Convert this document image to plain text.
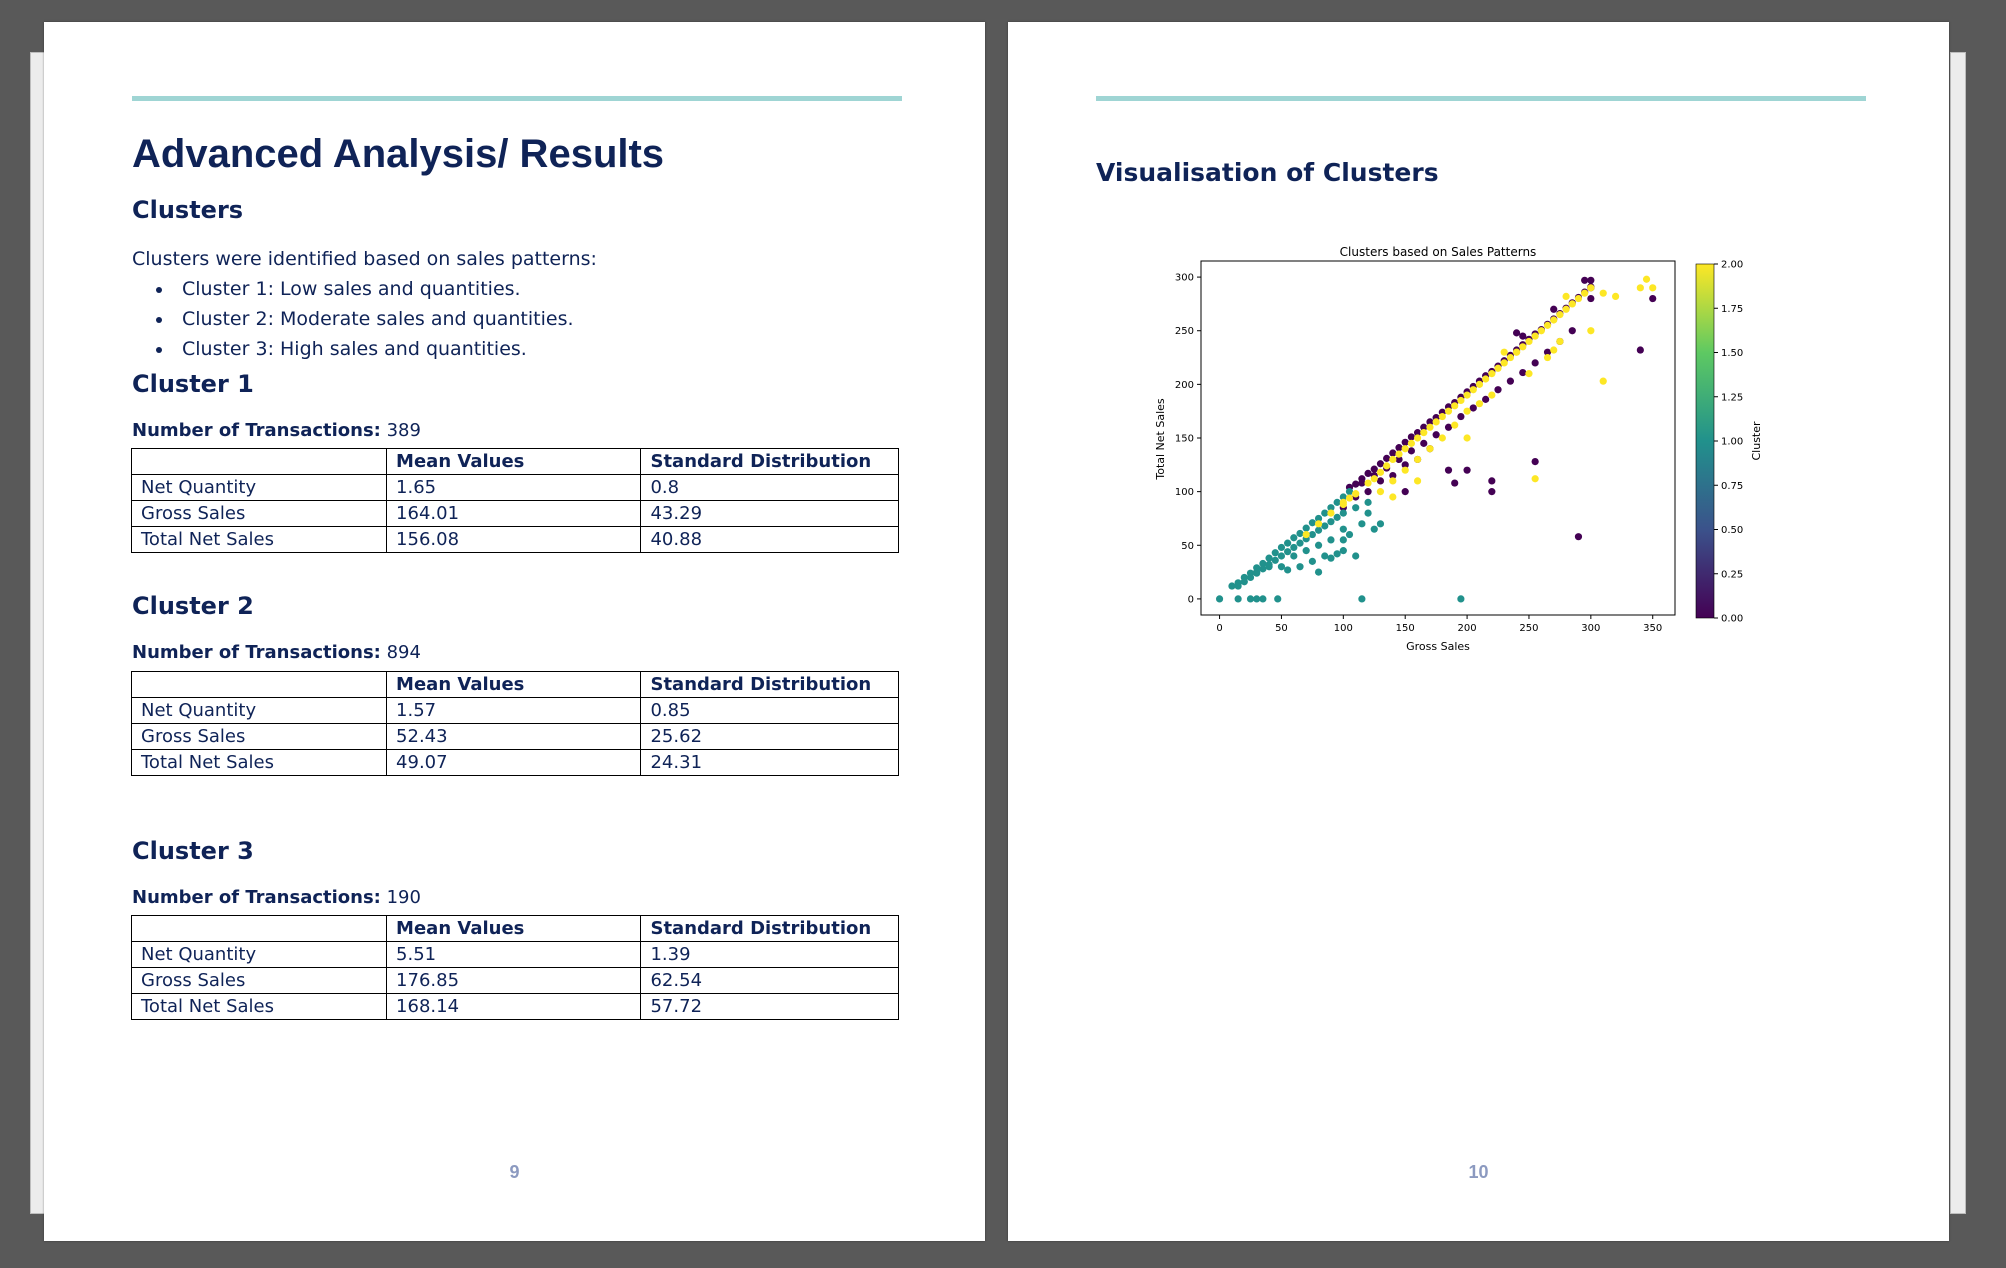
Advanced Analysis/ Results
Clusters
Clusters were identified based on sales patterns:
Cluster 1: Low sales and quantities.
Cluster 2: Moderate sales and quantities.
Cluster 3: High sales and quantities.
Cluster 1
Number of Transactions: 389
	Mean Values	Standard Distribution
Net Quantity	1.65	0.8
Gross Sales	164.01	43.29
Total Net Sales	156.08	40.88
Cluster 2
Number of Transactions: 894
	Mean Values	Standard Distribution
Net Quantity	1.57	0.85
Gross Sales	52.43	25.62
Total Net Sales	49.07	24.31
Cluster 3
Number of Transactions: 190
	Mean Values	Standard Distribution
Net Quantity	5.51	1.39
Gross Sales	176.85	62.54
Total Net Sales	168.14	57.72
9
Visualisation of Clusters
Clusters based on Sales Patterns
0	50	100	150	200	250	300	350
0
50
100
150
200
250
300
Gross Sales
Total Net Sales
0.00
0.25
0.50
0.75
1.00
1.25
1.50
1.75
2.00
Cluster
10
